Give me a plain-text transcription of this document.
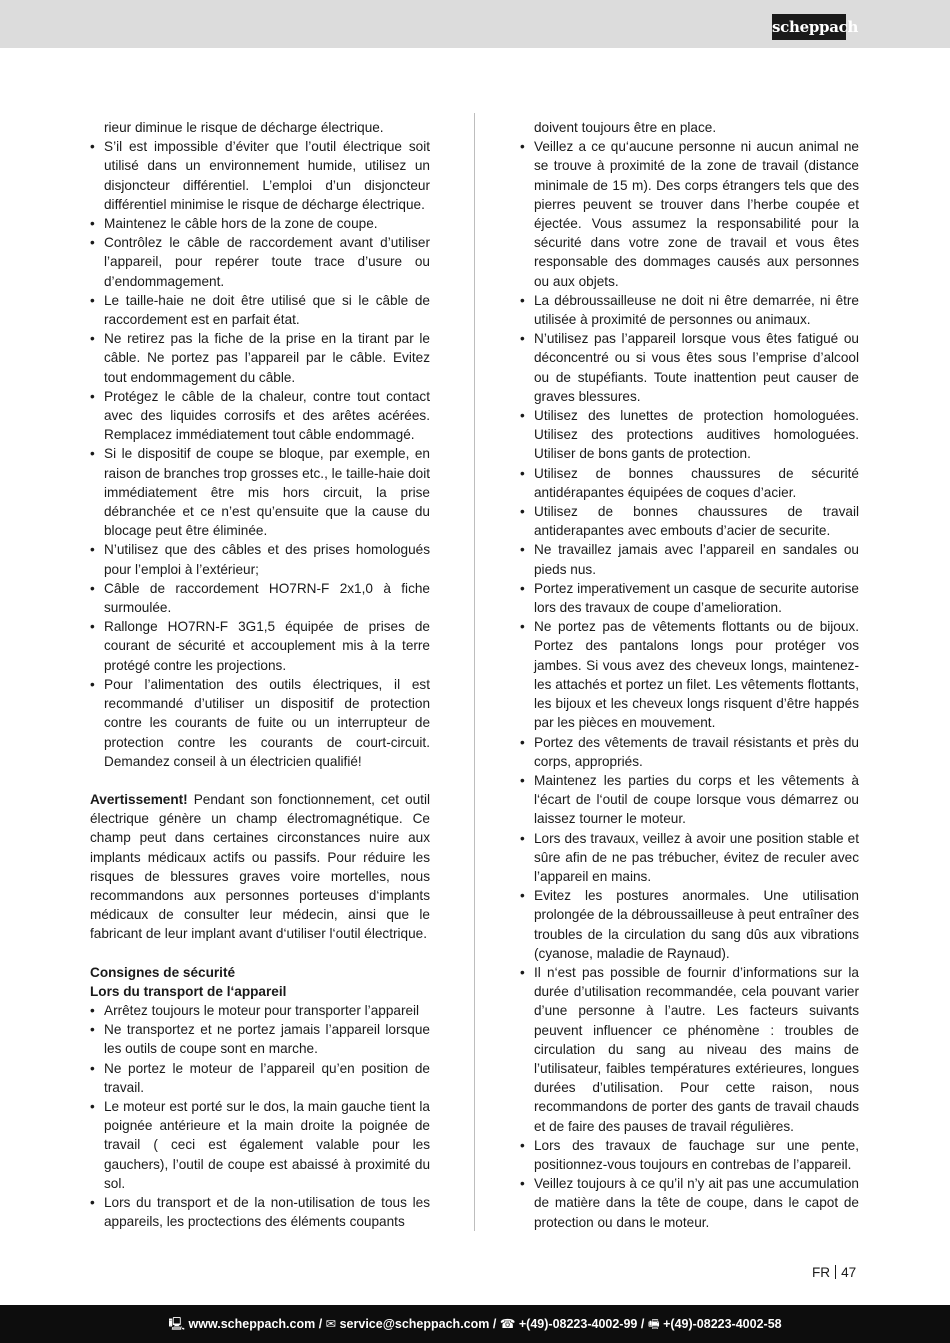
scheppach
rieur diminue le risque de décharge électrique.
• S’il est impossible d’éviter que l’outil électrique soit utilisé dans un environnement humide, utilisez un disjoncteur différentiel. L’emploi d’un disjoncteur différentiel minimise le risque de décharge électrique.
• Maintenez le câble hors de la zone de coupe.
• Contrôlez le câble de raccordement avant d’utiliser l’appareil, pour repérer toute trace d’usure ou d’endommagement.
• Le taille-haie ne doit être utilisé que si le câble de raccordement est en parfait état.
• Ne retirez pas la fiche de la prise en la tirant par le câble. Ne portez pas l’appareil par le câble. Evitez tout endommagement du câble.
• Protégez le câble de la chaleur, contre tout contact avec des liquides corrosifs et des arêtes acérées. Remplacez immédiatement tout câble endommagé.
• Si le dispositif de coupe se bloque, par exemple, en raison de branches trop grosses etc., le taille-haie doit immédiatement être mis hors circuit, la prise débranchée et ce n’est qu’ensuite que la cause du blocage peut être éliminée.
• N’utilisez que des câbles et des prises homologués pour l’emploi à l’extérieur;
• Câble de raccordement HO7RN-F 2x1,0 à fiche surmoulée.
• Rallonge HO7RN-F 3G1,5 équipée de prises de courant de sécurité et accouplement mis à la terre protégé contre les projections.
• Pour l’alimentation des outils électriques, il est recommandé d’utiliser un dispositif de protection contre les courants de fuite ou un interrupteur de protection contre les courants de court-circuit. Demandez conseil à un électricien qualifié!

Avertissement! Pendant son fonctionnement, cet outil électrique génère un champ électromagnétique. Ce champ peut dans certaines circonstances nuire aux implants médicaux actifs ou passifs. Pour réduire les risques de blessures graves voire mortelles, nous recommandons aux personnes porteuses d‘implants médicaux de consulter leur médecin, ainsi que le fabricant de leur implant avant d‘utiliser l‘outil électrique.

Consignes de sécurité
Lors du transport de l‘appareil
• Arrêtez toujours le moteur pour transporter l’appareil
• Ne transportez et ne portez jamais l’appareil lorsque les outils de coupe sont en marche.
• Ne portez le moteur de l’appareil qu’en position de travail.
• Le moteur est porté sur le dos, la main gauche tient la poignée antérieure et la main droite la poignée de travail ( ceci est également valable pour les gauchers), l’outil de coupe est abaissé à proximité du sol.
• Lors du transport et de la non-utilisation de tous les appareils, les proctections des éléments coupants
doivent toujours être en place.
• Veillez a ce qu‘aucune personne ni aucun animal ne se trouve à proximité de la zone de travail (distance minimale de 15 m). Des corps étrangers tels que des pierres peuvent se trouver dans l’herbe coupée et éjectée. Vous assumez la responsabilité pour la sécurité dans votre zone de travail et vous êtes responsable des dommages causés aux personnes ou aux objets.
• La débroussailleuse ne doit ni être demarrée, ni être utilisée à proximité de personnes ou animaux.
• N’utilisez pas l’appareil lorsque vous êtes fatigué ou déconcentré ou si vous êtes sous l’emprise d’alcool ou de stupéfiants. Toute inattention peut causer de graves blessures.
• Utilisez des lunettes de protection homologuées. Utilisez des protections auditives homologuées. Utiliser de bons gants de protection.
• Utilisez de bonnes chaussures de sécurité antidérapantes équipées de coques d’acier.
• Utilisez de bonnes chaussures de travail antiderapantes avec embouts d’acier de securite.
• Ne travaillez jamais avec l’appareil en sandales ou pieds nus.
• Portez imperativement un casque de securite autorise lors des travaux de coupe d’amelioration.
• Ne portez pas de vêtements flottants ou de bijoux. Portez des pantalons longs pour protéger vos jambes. Si vous avez des cheveux longs, maintenez-les attachés et portez un filet. Les vêtements flottants, les bijoux et les cheveux longs risquent d’être happés par les pièces en mouvement.
• Portez des vêtements de travail résistants et près du corps, appropriés.
• Maintenez les parties du corps et les vêtements à l‘écart de l‘outil de coupe lorsque vous démarrez ou laissez tourner le moteur.
• Lors des travaux, veillez à avoir une position stable et sûre afin de ne pas trébucher, évitez de reculer avec l’appareil en mains.
• Evitez les postures anormales. Une utilisation prolongée de la débroussailleuse à peut entraîner des troubles de la circulation du sang dûs aux vibrations (cyanose, maladie de Raynaud).
• Il n‘est pas possible de fournir d’informations sur la durée d’utilisation recommandée, cela pouvant varier d’une personne à l’autre. Les facteurs suivants peuvent influencer ce phénomène : troubles de circulation du sang au niveau des mains de l’utilisateur, faibles températures extérieures, longues durées d’utilisation. Pour cette raison, nous recommandons de porter des gants de travail chauds et de faire des pauses de travail régulières.
• Lors des travaux de fauchage sur une pente, positionnez-vous toujours en contrebas de l’appareil.
• Veillez toujours à ce qu’il n’y ait pas une accumulation de matière dans la tête de coupe, dans le capot de protection ou dans le moteur.
FR 47
🖳 www.scheppach.com / ✉ service@scheppach.com / ☎ +(49)-08223-4002-99 / 🖷 +(49)-08223-4002-58
